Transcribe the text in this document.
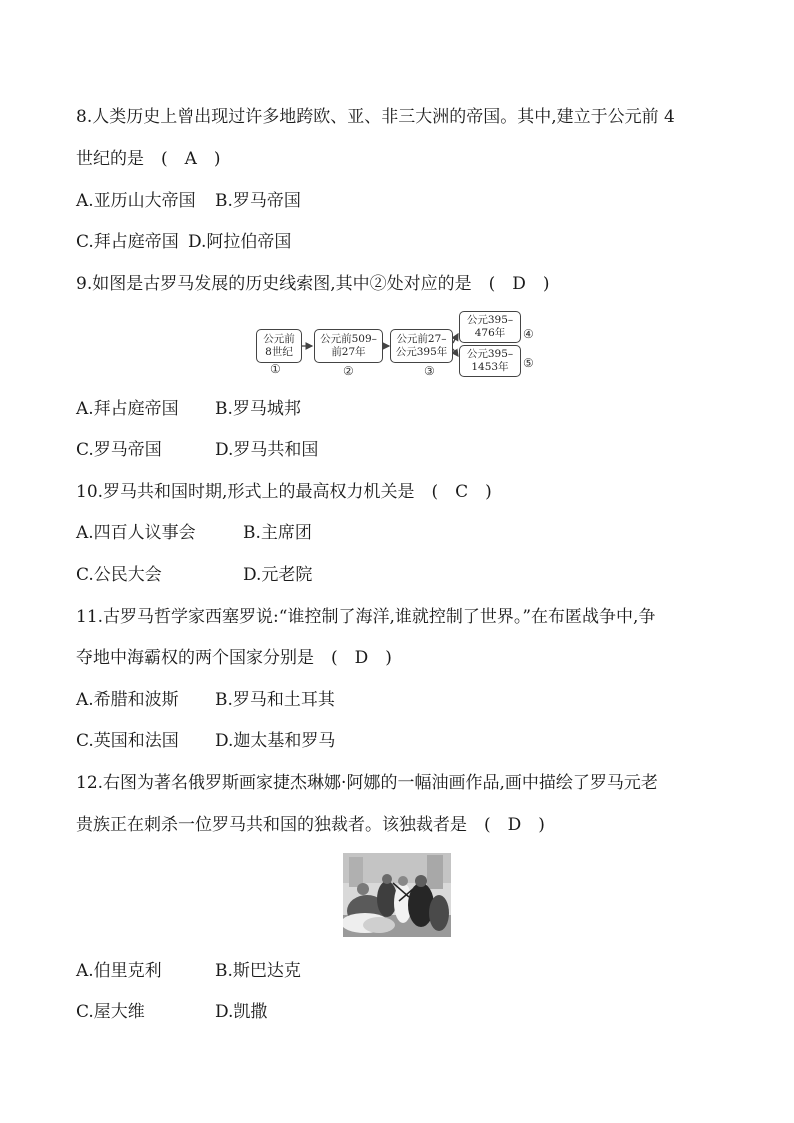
8.人类历史上曾出现过许多地跨欧、亚、非三大洲的帝国。其中,建立于公元前 4
世纪的是　(　A　)
A.亚历山大帝国 B.罗马帝国
C.拜占庭帝国 D.阿拉伯帝国
9.如图是古罗马发展的历史线索图,其中②处对应的是　(　D　)
公元前
8世纪
①
公元前509–
前27年
②
公元前27–
公元395年
③
公元395–
476年	④
公元395–
1453年	⑤
A.拜占庭帝国 B.罗马城邦
C.罗马帝国	D.罗马共和国
10.罗马共和国时期,形式上的最高权力机关是　(　C　)
A.四百人议事会	B.主席团
C.公民大会	D.元老院
11.古罗马哲学家西塞罗说:“谁控制了海洋,谁就控制了世界。”在布匿战争中,争
夺地中海霸权的两个国家分别是　(　D　)
A.希腊和波斯 B.罗马和土耳其
C.英国和法国 D.迦太基和罗马
12.右图为著名俄罗斯画家捷杰琳娜·阿娜的一幅油画作品,画中描绘了罗马元老
贵族正在刺杀一位罗马共和国的独裁者。该独裁者是　(　D　)
A.伯里克利	B.斯巴达克
C.屋大维	D.凯撒
